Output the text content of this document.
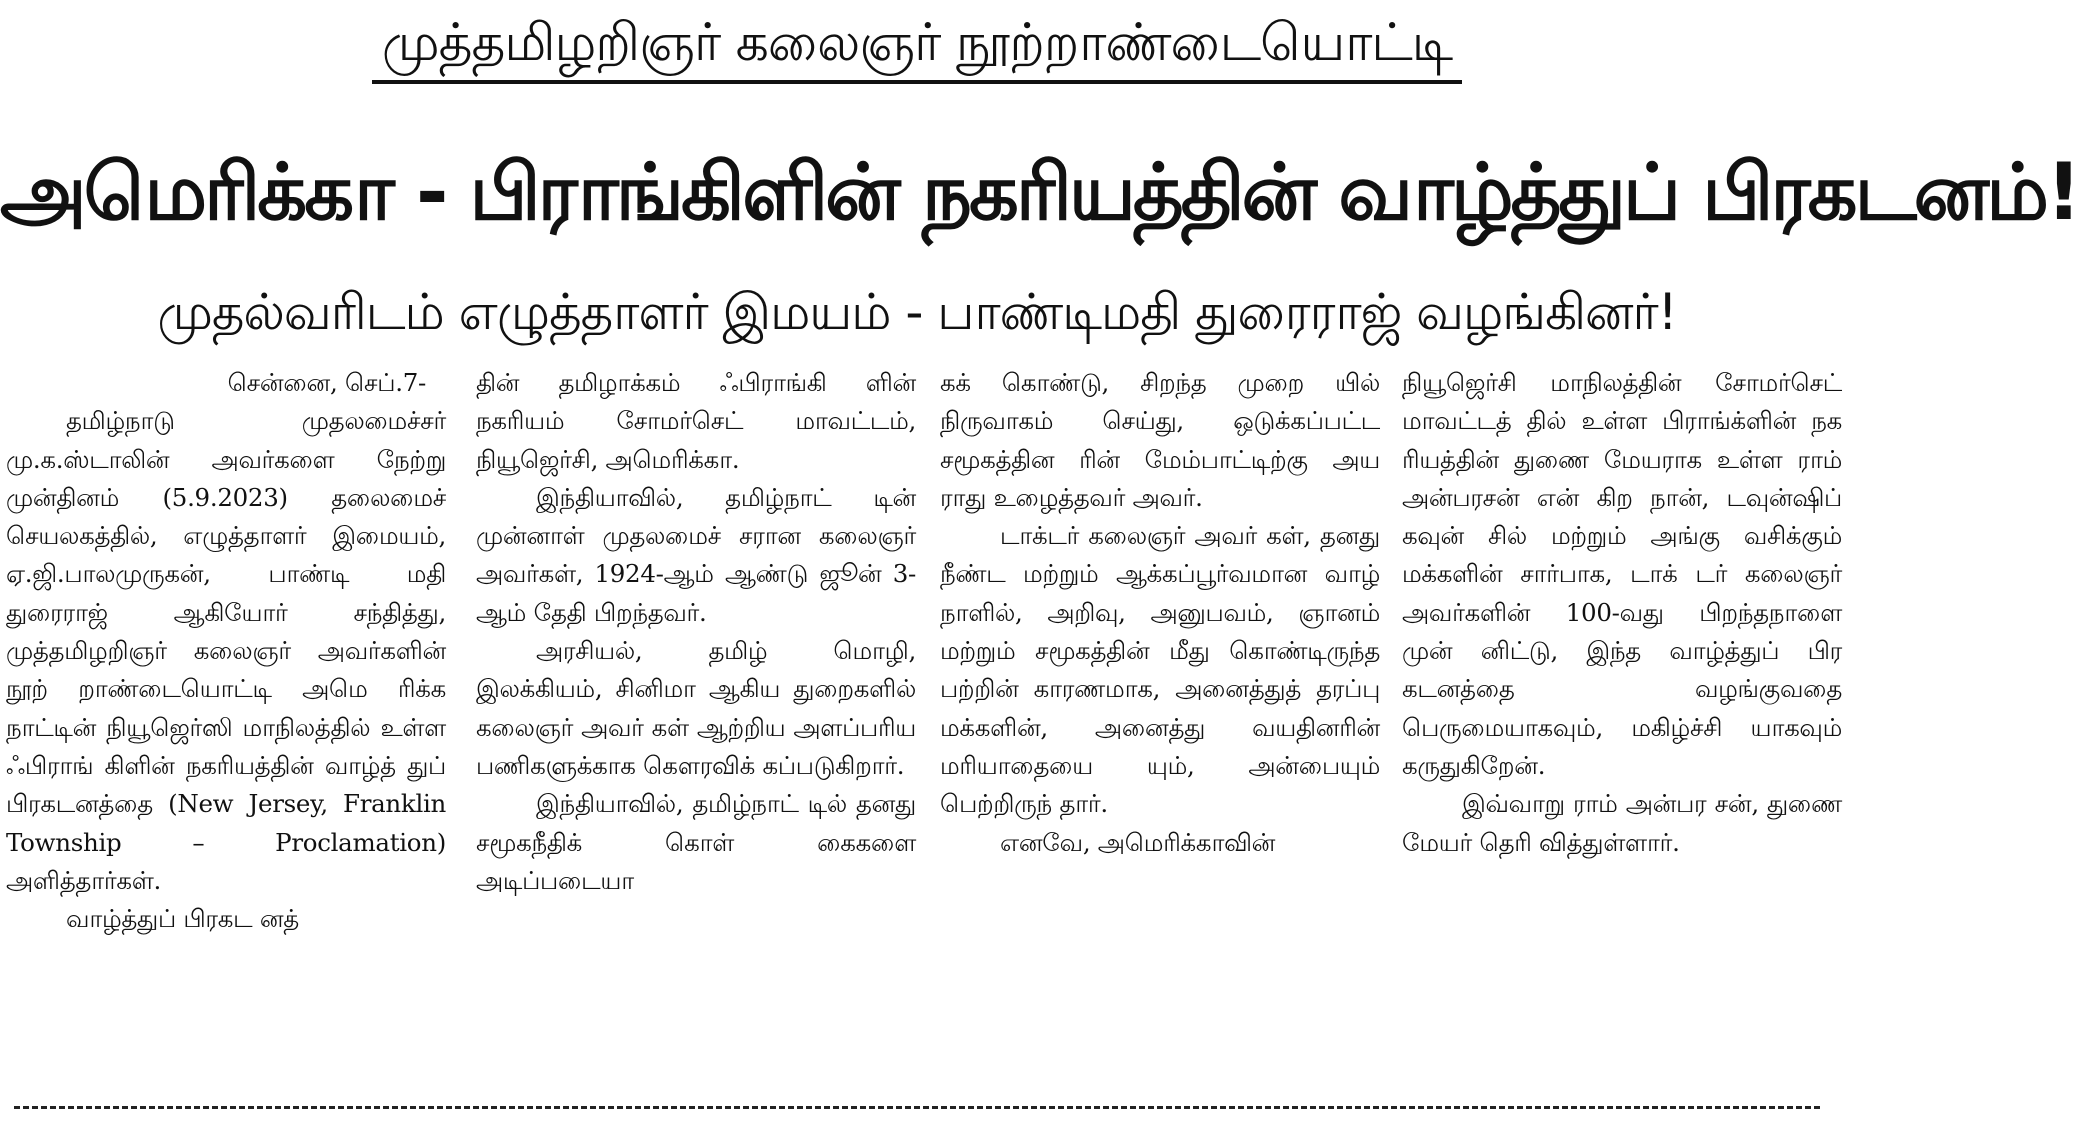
முத்தமிழறிஞர் கலைஞர் நூற்றாண்டையொட்டி
அமெரிக்கா - பிராங்கிளின் நகரியத்தின் வாழ்த்துப் பிரகடனம்!
முதல்வரிடம் எழுத்தாளர் இமயம் - பாண்டிமதி துரைராஜ் வழங்கினர்!

சென்னை, செப்.7-

தமிழ்நாடு முதலமைச்சர் மு.க.ஸ்டாலின் அவர்களை நேற்று முன்தினம் (5.9.2023) தலைமைச் செயலகத்தில், எழுத்தாளர் இமையம், ஏ.ஜி.பாலமுருகன், பாண்டி மதி துரைராஜ் ஆகியோர் சந்தித்து, முத்தமிழறிஞர் கலைஞர் அவர்களின் நூற் றாண்டையொட்டி அமெ ரிக்க நாட்டின் நியூஜெர்ஸி மாநிலத்தில் உள்ள ஃபிராங் கிளின் நகரியத்தின் வாழ்த் துப் பிரகடனத்தை (New Jersey, Franklin Township – Proclamation) அளித்தார்கள்.

வாழ்த்துப் பிரகட னத்

தின் தமிழாக்கம் ஃபிராங்கி ளின் நகரியம் சோமர்செட் மாவட்டம், நியூஜெர்சி, அமெரிக்கா.

இந்தியாவில், தமிழ்நாட் டின் முன்னாள் முதலமைச் சரான கலைஞர் அவர்கள், 1924-ஆம் ஆண்டு ஜூன் 3-ஆம் தேதி பிறந்தவர்.

அரசியல், தமிழ் மொழி, இலக்கியம், சினிமா ஆகிய துறைகளில் கலைஞர் அவர் கள் ஆற்றிய அளப்பரிய பணிகளுக்காக கௌரவிக் கப்படுகிறார்.

இந்தியாவில், தமிழ்நாட் டில் தனது சமூகநீதிக் கொள் கைகளை அடிப்படையா

கக் கொண்டு, சிறந்த முறை யில் நிருவாகம் செய்து, ஒடுக்கப்பட்ட சமூகத்தின ரின் மேம்பாட்டிற்கு அய ராது உழைத்தவர் அவர்.

டாக்டர் கலைஞர் அவர் கள், தனது நீண்ட மற்றும் ஆக்கப்பூர்வமான வாழ் நாளில், அறிவு, அனுபவம், ஞானம் மற்றும் சமூகத்தின் மீது கொண்டிருந்த பற்றின் காரணமாக, அனைத்துத் தரப்பு மக்களின், அனைத்து வயதினரின் மரியாதையை யும், அன்பையும் பெற்றிருந் தார்.

எனவே, அமெரிக்காவின்

நியூஜெர்சி மாநிலத்தின் சோமர்செட் மாவட்டத் தில் உள்ள பிராங்க்ளின் நக ரியத்தின் துணை மேயராக உள்ள ராம் அன்பரசன் என் கிற நான், டவுன்ஷிப் கவுன் சில் மற்றும் அங்கு வசிக்கும் மக்களின் சார்பாக, டாக் டர் கலைஞர் அவர்களின் 100-வது பிறந்தநாளை முன் னிட்டு, இந்த வாழ்த்துப் பிர கடனத்தை வழங்குவதை பெருமையாகவும், மகிழ்ச்சி யாகவும் கருதுகிறேன்.

இவ்வாறு ராம் அன்பர சன், துணை மேயர் தெரி வித்துள்ளார்.
